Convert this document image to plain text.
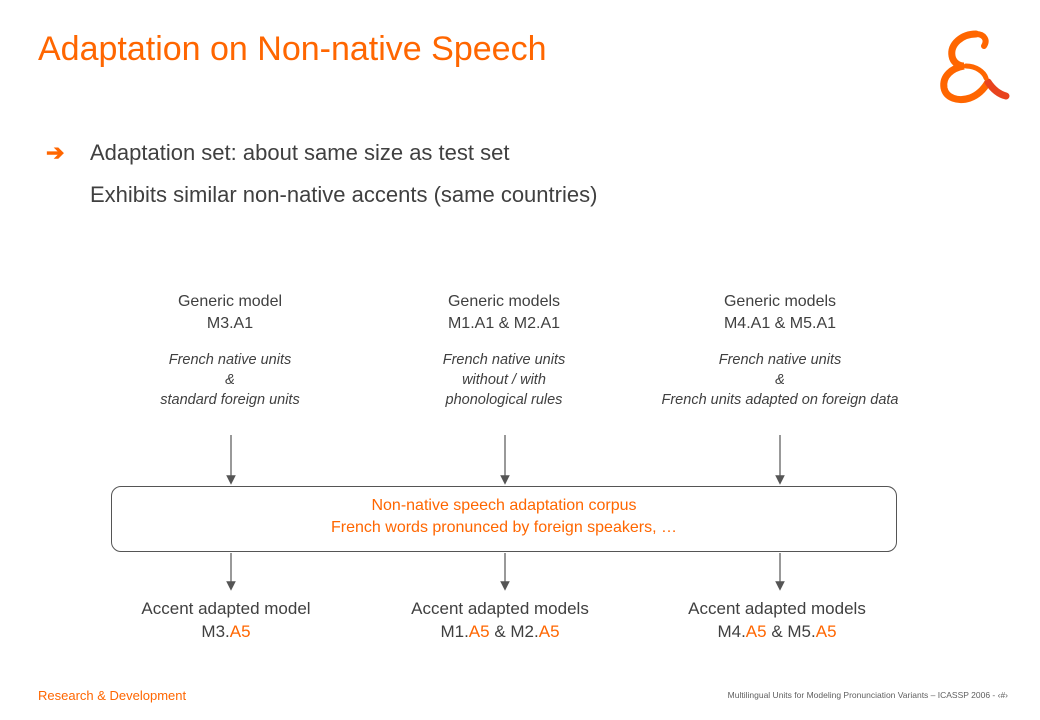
Adaptation on Non-native Speech
➔ Adaptation set: about same size as test set
Exhibits similar non-native accents (same countries)
Generic model
M3.A1
French native units
&
standard foreign units
Generic models
M1.A1 & M2.A1
French native units
without / with
phonological rules
Generic models
M4.A1 & M5.A1
French native units
&
French units adapted on foreign data
Non-native speech adaptation corpus
French words pronunced by foreign speakers, …
Accent adapted model
M3.A5
Accent adapted models
M1.A5 & M2.A5
Accent adapted models
M4.A5 & M5.A5
Research & Development	Multilingual Units for Modeling Pronunciation Variants – ICASSP 2006 - ‹#›
